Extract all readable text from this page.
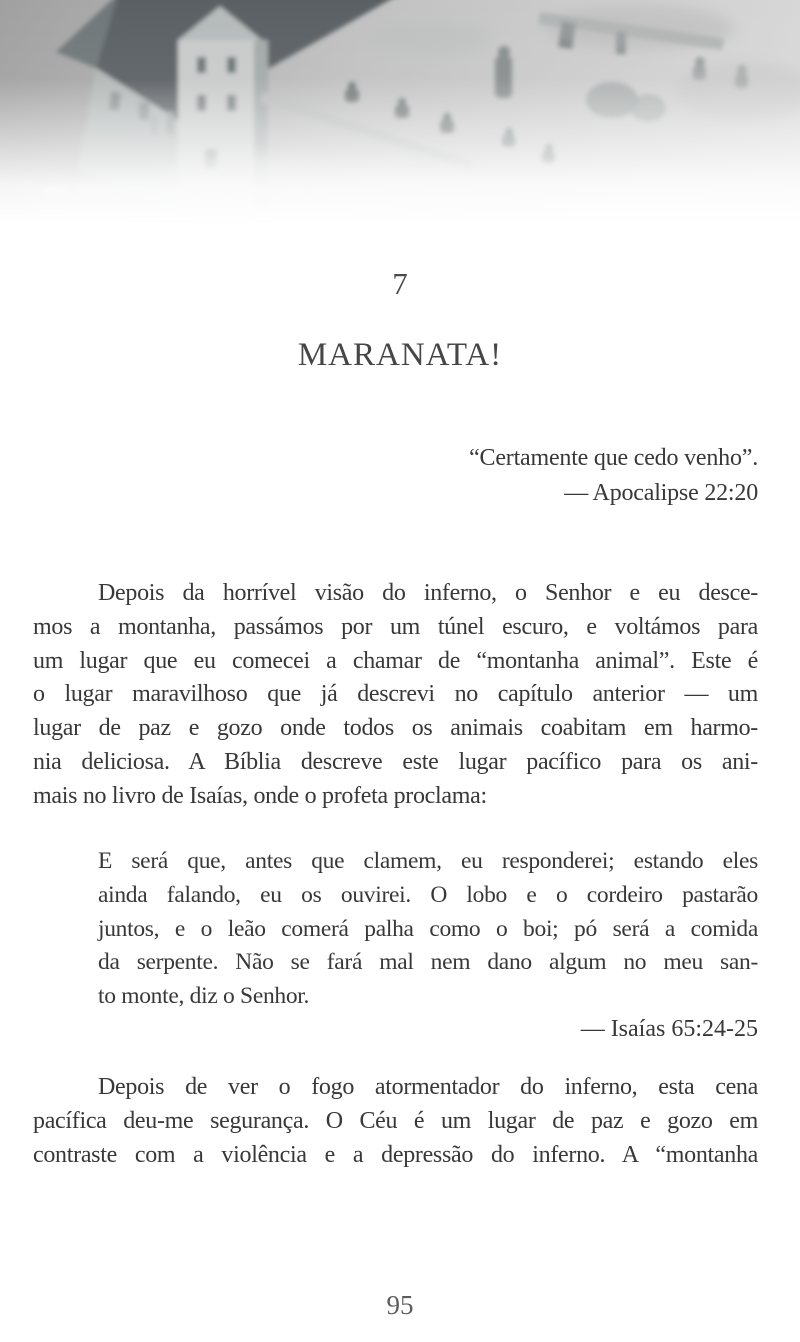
7
MARANATA!
“Certamente que cedo venho”.
— Apocalipse 22:20
Depois da horrível visão do inferno, o Senhor e eu desce-
mos a montanha, passámos por um túnel escuro, e voltámos para
um lugar que eu comecei a chamar de “montanha animal”. Este é
o lugar maravilhoso que já descrevi no capítulo anterior — um
lugar de paz e gozo onde todos os animais coabitam em harmo-
nia deliciosa. A Bíblia descreve este lugar pacífico para os ani-
mais no livro de Isaías, onde o profeta proclama:
E será que, antes que clamem, eu responderei; estando eles
ainda falando, eu os ouvirei. O lobo e o cordeiro pastarão
juntos, e o leão comerá palha como o boi; pó será a comida
da serpente. Não se fará mal nem dano algum no meu san-
to monte, diz o Senhor.
— Isaías 65:24-25
Depois de ver o fogo atormentador do inferno, esta cena
pacífica deu-me segurança. O Céu é um lugar de paz e gozo em
contraste com a violência e a depressão do inferno. A “montanha
95
